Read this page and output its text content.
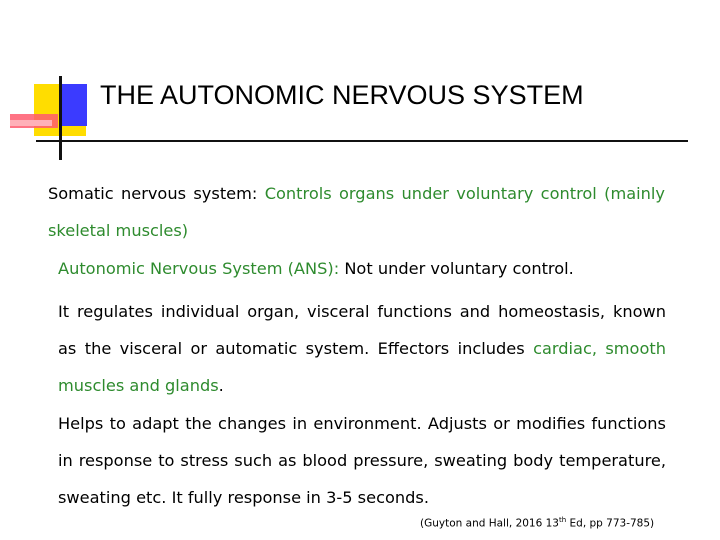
THE AUTONOMIC NERVOUS SYSTEM
Somatic nervous system: Controls organs under voluntary control (mainly skeletal muscles)
Autonomic Nervous System (ANS): Not under voluntary control.
It regulates individual organ, visceral functions and homeostasis, known as the visceral or automatic system. Effectors includes cardiac, smooth muscles and glands.
Helps to adapt the changes in environment. Adjusts or modifies functions in response to stress such as blood pressure, sweating body temperature, sweating etc. It fully response in 3-5 seconds.
(Guyton and Hall, 2016 13th Ed, pp 773-785)
